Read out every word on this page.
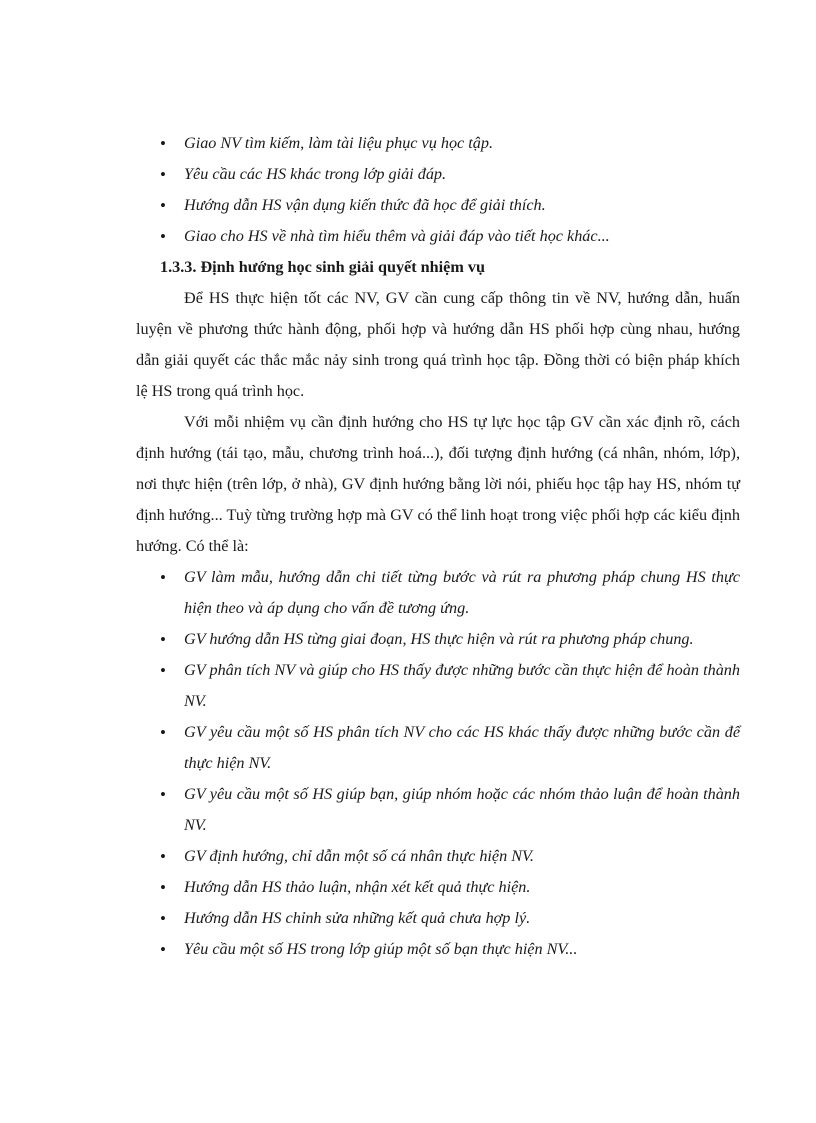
• Giao NV tìm kiếm, làm tài liệu phục vụ học tập.
• Yêu cầu các HS khác trong lớp giải đáp.
• Hướng dẫn HS vận dụng kiến thức đã học để giải thích.
• Giao cho HS về nhà tìm hiểu thêm và giải đáp vào tiết học khác...
1.3.3. Định hướng học sinh giải quyết nhiệm vụ

Để HS thực hiện tốt các NV, GV cần cung cấp thông tin về NV, hướng dẫn, huấn luyện về phương thức hành động, phối hợp và hướng dẫn HS phối hợp cùng nhau, hướng dẫn giải quyết các thắc mắc nảy sinh trong quá trình học tập. Đồng thời có biện pháp khích lệ HS trong quá trình học.

Với mỗi nhiệm vụ cần định hướng cho HS tự lực học tập GV cần xác định rõ, cách định hướng (tái tạo, mẫu, chương trình hoá...), đối tượng định hướng (cá nhân, nhóm, lớp), nơi thực hiện (trên lớp, ở nhà), GV định hướng bằng lời nói, phiếu học tập hay HS, nhóm tự định hướng... Tuỳ từng trường hợp mà GV có thể linh hoạt trong việc phối hợp các kiểu định hướng. Có thể là:

• GV làm mẫu, hướng dẫn chi tiết từng bước và rút ra phương pháp chung HS thực hiện theo và áp dụng cho vấn đề tương ứng.
• GV hướng dẫn HS từng giai đoạn, HS thực hiện và rút ra phương pháp chung.
• GV phân tích NV và giúp cho HS thấy được những bước cần thực hiện để hoàn thành NV.
• GV yêu cầu một số HS phân tích NV cho các HS khác thấy được những bước cần để thực hiện NV.
• GV yêu cầu một số HS giúp bạn, giúp nhóm hoặc các nhóm thảo luận để hoàn thành NV.
• GV định hướng, chỉ dẫn một số cá nhân thực hiện NV.
• Hướng dẫn HS thảo luận, nhận xét kết quả thực hiện.
• Hướng dẫn HS chỉnh sửa những kết quả chưa hợp lý.
• Yêu cầu một số HS trong lớp giúp một số bạn thực hiện NV...
